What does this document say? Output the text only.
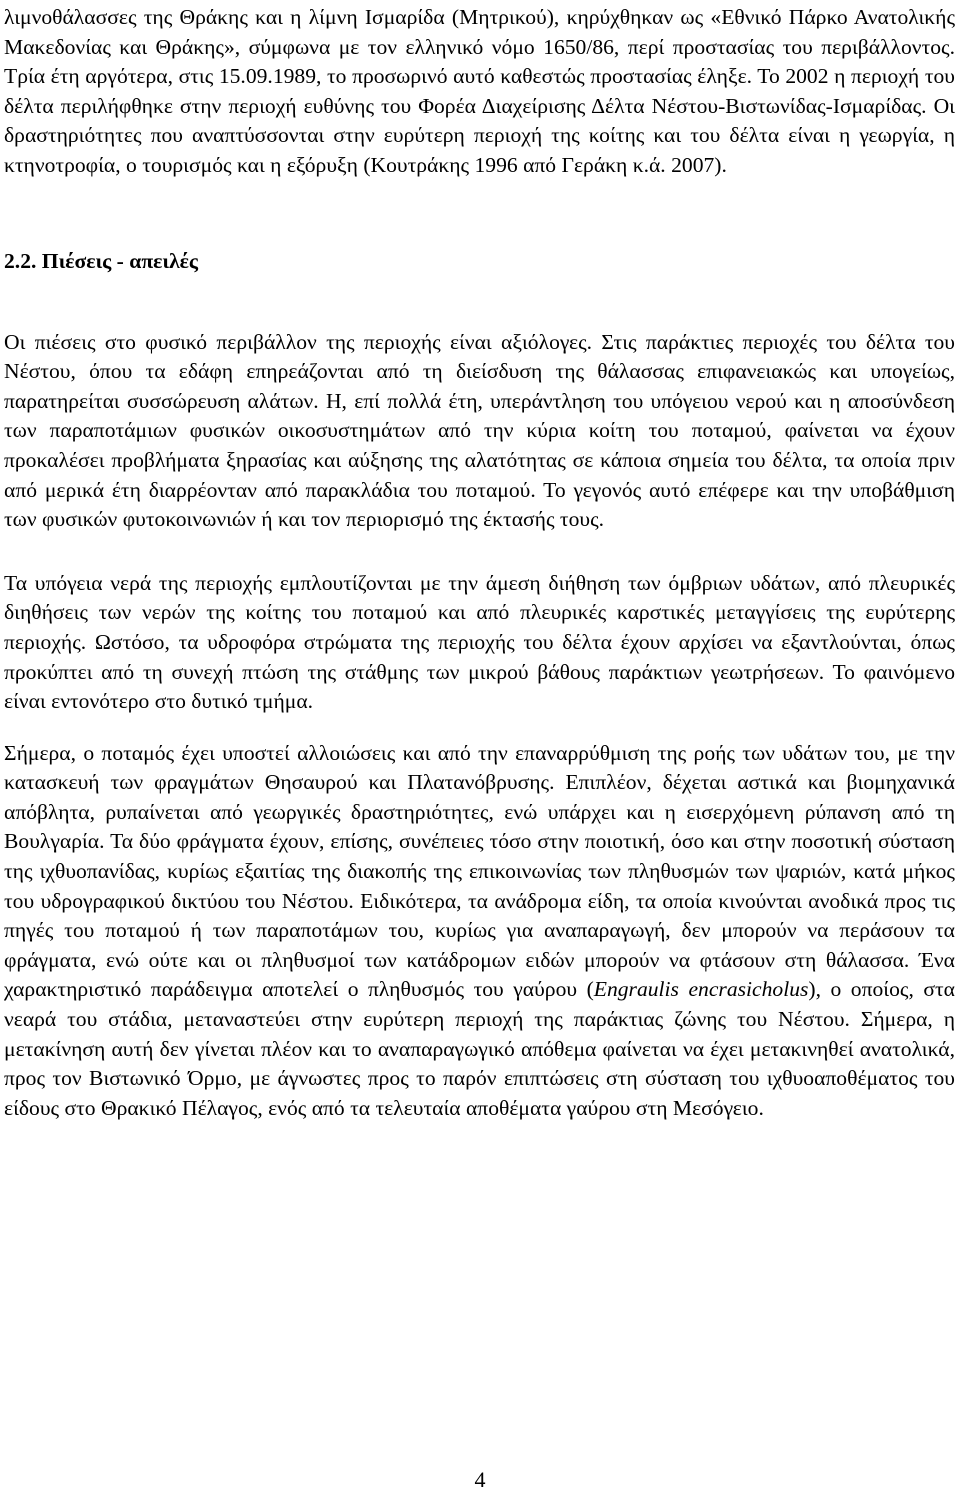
λιμνοθάλασσες της Θράκης και η λίμνη Ισμαρίδα (Μητρικού), κηρύχθηκαν ως «Εθνικό Πάρκο Ανατολικής Μακεδονίας και Θράκης», σύμφωνα με τον ελληνικό νόμο 1650/86, περί προστασίας του περιβάλλοντος. Τρία έτη αργότερα, στις 15.09.1989, το προσωρινό αυτό καθεστώς προστασίας έληξε. Το 2002 η περιοχή του δέλτα περιλήφθηκε στην περιοχή ευθύνης του Φορέα Διαχείρισης Δέλτα Νέστου-Βιστωνίδας-Ισμαρίδας. Οι δραστηριότητες που αναπτύσσονται στην ευρύτερη περιοχή της κοίτης και του δέλτα είναι η γεωργία, η κτηνοτροφία, ο τουρισμός και η εξόρυξη (Κουτράκης 1996 από Γεράκη κ.ά. 2007).

2.2. Πιέσεις - απειλές

Οι πιέσεις στο φυσικό περιβάλλον της περιοχής είναι αξιόλογες. Στις παράκτιες περιοχές του δέλτα του Νέστου, όπου τα εδάφη επηρεάζονται από τη διείσδυση της θάλασσας επιφανειακώς και υπογείως, παρατηρείται συσσώρευση αλάτων. Η, επί πολλά έτη, υπεράντληση του υπόγειου νερού και η αποσύνδεση των παραποτάμιων φυσικών οικοσυστημάτων από την κύρια κοίτη του ποταμού, φαίνεται να έχουν προκαλέσει προβλήματα ξηρασίας και αύξησης της αλατότητας σε κάποια σημεία του δέλτα, τα οποία πριν από μερικά έτη διαρρέονταν από παρακλάδια του ποταμού. Το γεγονός αυτό επέφερε και την υποβάθμιση των φυσικών φυτοκοινωνιών ή και τον περιορισμό της έκτασής τους.

Τα υπόγεια νερά της περιοχής εμπλουτίζονται με την άμεση διήθηση των όμβριων υδάτων, από πλευρικές διηθήσεις των νερών της κοίτης του ποταμού και από πλευρικές καρστικές μεταγγίσεις της ευρύτερης περιοχής. Ωστόσο, τα υδροφόρα στρώματα της περιοχής του δέλτα έχουν αρχίσει να εξαντλούνται, όπως προκύπτει από τη συνεχή πτώση της στάθμης των μικρού βάθους παράκτιων γεωτρήσεων. Το φαινόμενο είναι εντονότερο στο δυτικό τμήμα.

Σήμερα, ο ποταμός έχει υποστεί αλλοιώσεις και από την επαναρρύθμιση της ροής των υδάτων του, με την κατασκευή των φραγμάτων Θησαυρού και Πλατανόβρυσης. Επιπλέον, δέχεται αστικά και βιομηχανικά απόβλητα, ρυπαίνεται από γεωργικές δραστηριότητες, ενώ υπάρχει και η εισερχόμενη ρύπανση από τη Βουλγαρία. Τα δύο φράγματα έχουν, επίσης, συνέπειες τόσο στην ποιοτική, όσο και στην ποσοτική σύσταση της ιχθυοπανίδας, κυρίως εξαιτίας της διακοπής της επικοινωνίας των πληθυσμών των ψαριών, κατά μήκος του υδρογραφικού δικτύου του Νέστου. Ειδικότερα, τα ανάδρομα είδη, τα οποία κινούνται ανοδικά προς τις πηγές του ποταμού ή των παραποτάμων του, κυρίως για αναπαραγωγή, δεν μπορούν να περάσουν τα φράγματα, ενώ ούτε και οι πληθυσμοί των κατάδρομων ειδών μπορούν να φτάσουν στη θάλασσα. Ένα χαρακτηριστικό παράδειγμα αποτελεί ο πληθυσμός του γαύρου (Engraulis encrasicholus), ο οποίος, στα νεαρά του στάδια, μεταναστεύει στην ευρύτερη περιοχή της παράκτιας ζώνης του Νέστου. Σήμερα, η μετακίνηση αυτή δεν γίνεται πλέον και το αναπαραγωγικό απόθεμα φαίνεται να έχει μετακινηθεί ανατολικά, προς τον Βιστωνικό Όρμο, με άγνωστες προς το παρόν επιπτώσεις στη σύσταση του ιχθυοαποθέματος του είδους στο Θρακικό Πέλαγος, ενός από τα τελευταία αποθέματα γαύρου στη Μεσόγειο.

4
